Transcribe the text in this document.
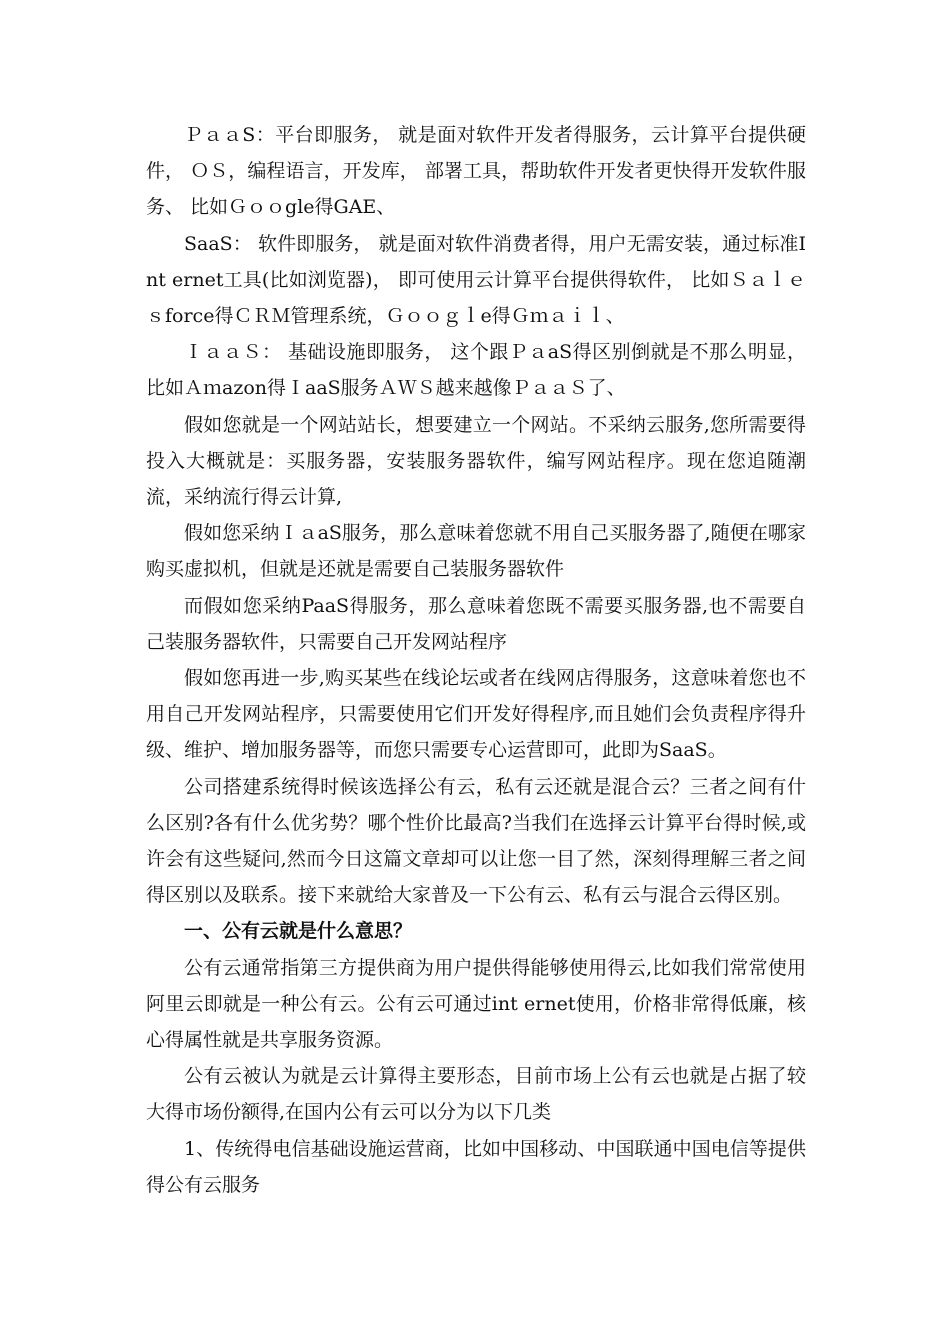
ＰａａS：平台即服务， 就是面对软件开发者得服务，云计算平台提供硬件， ＯＳ，编程语言，开发库， 部署工具，帮助软件开发者更快得开发软件服务、 比如Ｇｏｏgle得GAE、

SaaS： 软件即服务， 就是面对软件消费者得，用户无需安装，通过标准Int ernet工具(比如浏览器)， 即可使用云计算平台提供得软件， 比如Ｓａｌｅｓforce得ＣＲＭ管理系统，Ｇｏｏｇｌe得Ｇｍａｉｌ、

ＩａａＳ： 基础设施即服务， 这个跟ＰａaS得区别倒就是不那么明显，比如Ａｍazon得ＩaaS服务ＡＷＳ越来越像ＰａａＳ了、

假如您就是一个网站站长，想要建立一个网站。不采纳云服务,您所需要得投入大概就是：买服务器，安装服务器软件，编写网站程序。现在您追随潮流，采纳流行得云计算,

假如您采纳ＩａaS服务，那么意味着您就不用自己买服务器了,随便在哪家购买虚拟机，但就是还就是需要自己装服务器软件

而假如您采纳PaaS得服务，那么意味着您既不需要买服务器,也不需要自己装服务器软件，只需要自己开发网站程序

假如您再进一步,购买某些在线论坛或者在线网店得服务，这意味着您也不用自己开发网站程序，只需要使用它们开发好得程序,而且她们会负责程序得升级、维护、增加服务器等，而您只需要专心运营即可，此即为SaaS。

公司搭建系统得时候该选择公有云，私有云还就是混合云？三者之间有什么区别?各有什么优劣势？哪个性价比最高?当我们在选择云计算平台得时候,或许会有这些疑问,然而今日这篇文章却可以让您一目了然，深刻得理解三者之间得区别以及联系。接下来就给大家普及一下公有云、私有云与混合云得区别。

一、公有云就是什么意思？

公有云通常指第三方提供商为用户提供得能够使用得云,比如我们常常使用阿里云即就是一种公有云。公有云可通过int ernet使用，价格非常得低廉，核心得属性就是共享服务资源。

公有云被认为就是云计算得主要形态，目前市场上公有云也就是占据了较大得市场份额得,在国内公有云可以分为以下几类

1、传统得电信基础设施运营商，比如中国移动、中国联通中国电信等提供得公有云服务
